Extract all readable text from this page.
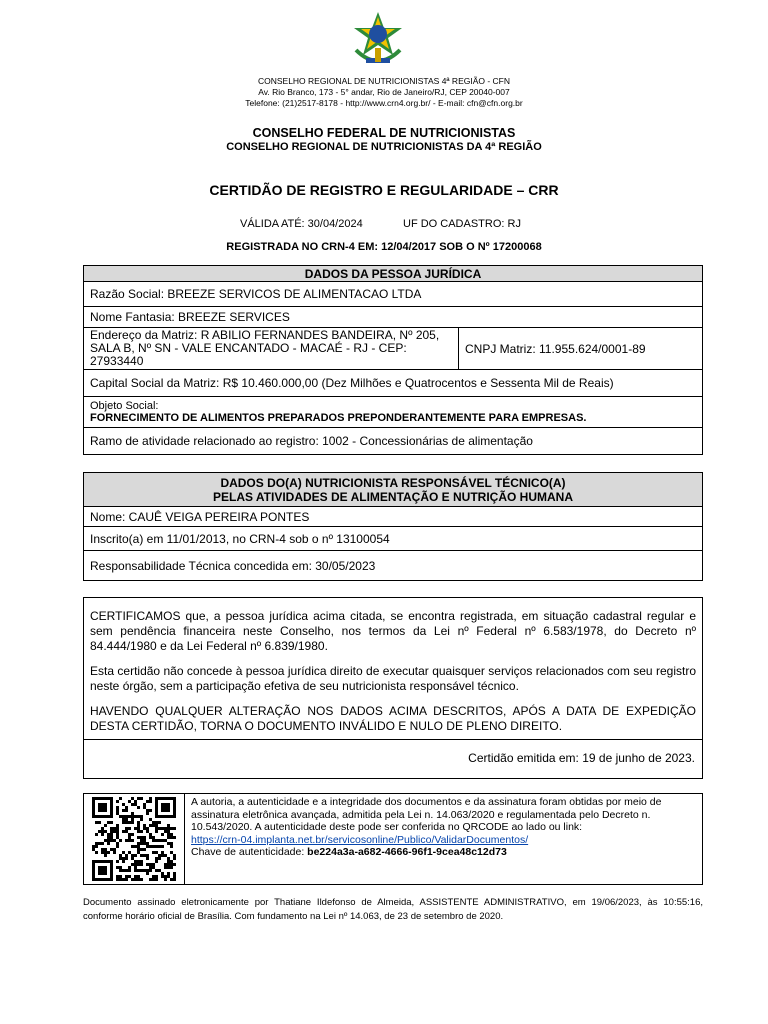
CONSELHO REGIONAL DE NUTRICIONISTAS 4ª REGIÃO - CFN
Av. Rio Branco, 173 - 5° andar, Rio de Janeiro/RJ, CEP 20040-007
Telefone: (21)2517-8178 - http://www.crn4.org.br/ - E-mail: cfn@cfn.org.br
CONSELHO FEDERAL DE NUTRICIONISTAS
CONSELHO REGIONAL DE NUTRICIONISTAS DA 4ª REGIÃO
CERTIDÃO DE REGISTRO E REGULARIDADE – CRR
VÁLIDA ATÉ: 30/04/2024	UF DO CADASTRO: RJ
REGISTRADA NO CRN-4 EM: 12/04/2017 SOB O Nº 17200068
DADOS DA PESSOA JURÍDICA
Razão Social: BREEZE SERVICOS DE ALIMENTACAO LTDA
Nome Fantasia: BREEZE SERVICES
Endereço da Matriz: R ABILIO FERNANDES BANDEIRA, Nº 205, SALA B, Nº SN - VALE ENCANTADO - MACAÉ - RJ - CEP: 27933440
CNPJ Matriz: 11.955.624/0001-89
Capital Social da Matriz: R$ 10.460.000,00 (Dez Milhões e Quatrocentos e Sessenta Mil de Reais)
Objeto Social:
FORNECIMENTO DE ALIMENTOS PREPARADOS PREPONDERANTEMENTE PARA EMPRESAS.
Ramo de atividade relacionado ao registro: 1002 - Concessionárias de alimentação
DADOS DO(A) NUTRICIONISTA RESPONSÁVEL TÉCNICO(A)
PELAS ATIVIDADES DE ALIMENTAÇÃO E NUTRIÇÃO HUMANA
Nome: CAUÊ VEIGA PEREIRA PONTES
Inscrito(a) em 11/01/2013, no CRN-4 sob o nº 13100054
Responsabilidade Técnica concedida em: 30/05/2023

CERTIFICAMOS que, a pessoa jurídica acima citada, se encontra registrada, em situação cadastral regular e sem pendência financeira neste Conselho, nos termos da Lei nº Federal nº 6.583/1978, do Decreto nº 84.444/1980 e da Lei Federal nº 6.839/1980.

Esta certidão não concede à pessoa jurídica direito de executar quaisquer serviços relacionados com seu registro neste órgão, sem a participação efetiva de seu nutricionista responsável técnico.

HAVENDO QUALQUER ALTERAÇÃO NOS DADOS ACIMA DESCRITOS, APÓS A DATA DE EXPEDIÇÃO DESTA CERTIDÃO, TORNA O DOCUMENTO INVÁLIDO E NULO DE PLENO DIREITO.

Certidão emitida em: 19 de junho de 2023.
A autoria, a autenticidade e a integridade dos documentos e da assinatura foram obtidas por meio de assinatura eletrônica avançada, admitida pela Lei n. 14.063/2020 e regulamentada pelo Decreto n. 10.543/2020. A autenticidade deste pode ser conferida no QRCODE ao lado ou link:
https://crn-04.implanta.net.br/servicosonline/Publico/ValidarDocumentos/
Chave de autenticidade: be224a3a-a682-4666-96f1-9cea48c12d73
Documento assinado eletronicamente por Thatiane Ildefonso de Almeida, ASSISTENTE ADMINISTRATIVO, em 19/06/2023, às 10:55:16, conforme horário oficial de Brasília. Com fundamento na Lei nº 14.063, de 23 de setembro de 2020.
